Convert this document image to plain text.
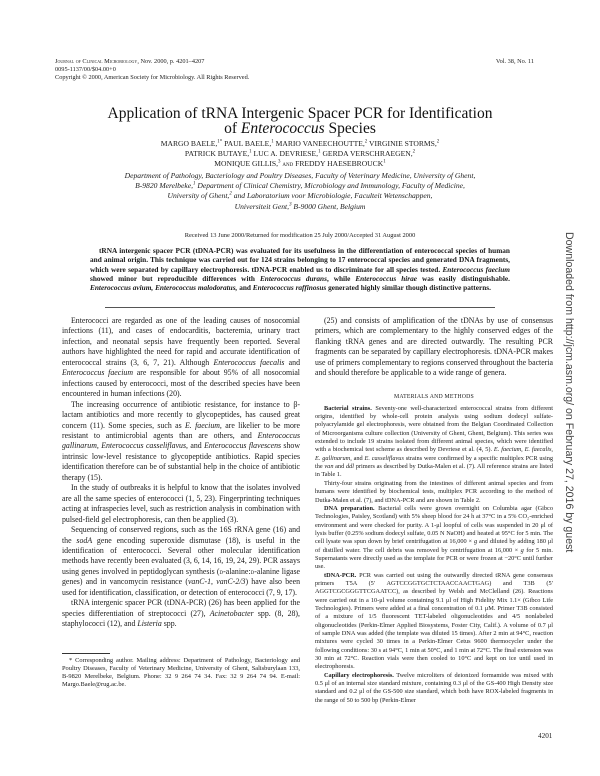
Journal of Clinical Microbiology, Nov. 2000, p. 4201–4207
0095-1137/00/$04.00+0
Copyright © 2000, American Society for Microbiology. All Rights Reserved.
Vol. 38, No. 11
Application of tRNA Intergenic Spacer PCR for Identification
of Enterococcus Species
MARGO BAELE,$^{1*}$ PAUL BAELE,$^1$ MARIO VANEECHOUTTE,$^2$ VIRGINIE STORMS,$^2$
PATRICK BUTAYE,$^1$ LUC A. DEVRIESE,$^1$ GERDA VERSCHRAEGEN,$^2$
MONIQUE GILLIS,$^3$ and FREDDY HAESEBROUCK$^1$
Department of Pathology, Bacteriology and Poultry Diseases, Faculty of Veterinary Medicine, University of Ghent,
B-9820 Merelbeke,$^1$ Department of Clinical Chemistry, Microbiology and Immunology, Faculty of Medicine,
University of Ghent,$^2$ and Laboratorium voor Microbiologie, Faculteit Wetenschappen,
Universiteit Gent,$^3$ B-9000 Ghent, Belgium
Received 13 June 2000/Returned for modification 25 July 2000/Accepted 31 August 2000
tRNA intergenic spacer PCR (tDNA-PCR) was evaluated for its usefulness in the differentiation of enterococcal species of human and animal origin. This technique was carried out for 124 strains belonging to 17 enterococcal species and generated DNA fragments, which were separated by capillary electrophoresis. tDNA-PCR enabled us to discriminate for all species tested. Enterococcus faecium showed minor but reproducible differences with Enterococcus durans, while Enterococcus hirae was easily distinguishable. Enterococcus avium, Enterococcus malodoratus, and Enterococcus raffinosus generated highly similar though distinctive patterns.

Enterococci are regarded as one of the leading causes of nosocomial infections (11), and cases of endocarditis, bacteremia, urinary tract infection, and neonatal sepsis have frequently been reported. Several authors have highlighted the need for rapid and accurate identification of enterococcal strains (3, 6, 7, 21). Although Enterococcus faecalis and Enterococcus faecium are responsible for about 95% of all nosocomial infections caused by enterococci, most of the described species have been encountered in human infections (20).

The increasing occurrence of antibiotic resistance, for instance to β-lactam antibiotics and more recently to glycopeptides, has caused great concern (11). Some species, such as E. faecium, are likelier to be more resistant to antimicrobial agents than are others, and Enterococcus gallinarum, Enterococcus casseliflavus, and Enterococcus flavescens show intrinsic low-level resistance to glycopeptide antibiotics. Rapid species identification therefore can be of substantial help in the choice of antibiotic therapy (15).

In the study of outbreaks it is helpful to know that the isolates involved are all the same species of enterococci (1, 5, 23). Fingerprinting techniques acting at infraspecies level, such as restriction analysis in combination with pulsed-field gel electrophoresis, can then be applied (3).

Sequencing of conserved regions, such as the 16S rRNA gene (16) and the sodA gene encoding superoxide dismutase (18), is useful in the identification of enterococci. Several other molecular identification methods have recently been evaluated (3, 6, 14, 16, 19, 24, 29). PCR assays using genes involved in peptidoglycan synthesis (d-alanine:d-alanine ligase genes) and in vancomycin resistance (vanC-1, vanC-2/3) have also been used for identification, classification, or detection of enterococci (7, 9, 17).

tRNA intergenic spacer PCR (tDNA-PCR) (26) has been applied for the species differentiation of streptococci (27), Acinetobacter spp. (8, 28), staphylococci (12), and Listeria spp.

* Corresponding author. Mailing address: Department of Pathology, Bacteriology and Poultry Diseases, Faculty of Veterinary Medicine, University of Ghent, Salisburylaan 133, B-9820 Merelbeke, Belgium. Phone: 32 9 264 74 34. Fax: 32 9 264 74 94. E-mail: Margo.Baele@rug.ac.be.

(25) and consists of amplification of the tDNAs by use of consensus primers, which are complementary to the highly conserved edges of the flanking tRNA genes and are directed outwardly. The resulting PCR fragments can be separated by capillary electrophoresis. tDNA-PCR makes use of primers complementary to regions conserved throughout the bacteria and should therefore be applicable to a wide range of genera.

MATERIALS AND METHODS

Bacterial strains. Seventy-one well-characterized enterococcal strains from different origins, identified by whole-cell protein analysis using sodium dodecyl sulfate-polyacrylamide gel electrophoresis, were obtained from the Belgian Coordinated Collection of Microorganisms culture collection (University of Ghent, Ghent, Belgium). This series was extended to include 19 strains isolated from different animal species, which were identified with a biochemical test scheme as described by Devriese et al. (4, 5). E. faecium, E. faecalis, E. gallinarum, and E. casseliflavus strains were confirmed by a specific multiplex PCR using the van and ddl primers as described by Dutka-Malen et al. (7). All reference strains are listed in Table 1.

Thirty-four strains originating from the intestines of different animal species and from humans were identified by biochemical tests, multiplex PCR according to the method of Dutka-Malen et al. (7), and tDNA-PCR and are shown in Table 2.

DNA preparation. Bacterial cells were grown overnight on Columbia agar (Gibco Technologies, Paisley, Scotland) with 5% sheep blood for 24 h at 37°C in a 5% CO₂-enriched environment and were checked for purity. A 1-μl loopful of cells was suspended in 20 μl of lysis buffer (0.25% sodium dodecyl sulfate, 0.05 N NaOH) and heated at 95°C for 5 min. The cell lysate was spun down by brief centrifugation at 16,000 × g and diluted by adding 180 μl of distilled water. The cell debris was removed by centrifugation at 16,000 × g for 5 min. Supernatants were directly used as the template for PCR or were frozen at −20°C until further use.

tDNA-PCR. PCR was carried out using the outwardly directed tRNA gene consensus primers T5A (5′ AGTCCGGTGCTCTAACCAACTGAG) and T3B (5′ AGGTCGCGGGTTCGAATCC), as described by Welsh and McClelland (26). Reactions were carried out in a 10-μl volume containing 9.1 μl of High Fidelity Mix 1.1× (Gibco Life Technologies). Primers were added at a final concentration of 0.1 μM. Primer T3B consisted of a mixture of 1/5 fluorescent TET-labeled oligonucleotides and 4/5 nonlabeled oligonucleotides (Perkin-Elmer Applied Biosystems, Foster City, Calif.). A volume of 0.7 μl of sample DNA was added (the template was diluted 15 times). After 2 min at 94°C, reaction mixtures were cycled 30 times in a Perkin-Elmer Cetus 9600 thermocycler under the following conditions: 30 s at 94°C, 1 min at 50°C, and 1 min at 72°C. The final extension was 30 min at 72°C. Reaction vials were then cooled to 10°C and kept on ice until used in electrophoresis.

Capillary electrophoresis. Twelve microliters of deionized formamide was mixed with 0.5 μl of an internal size standard mixture, containing 0.3 μl of the GS-400 High Density size standard and 0.2 μl of the GS-500 size standard, which both have ROX-labeled fragments in the range of 50 to 500 bp (Perkin-Elmer

4201
Downloaded from http://jcm.asm.org/ on February 27, 2016 by guest
